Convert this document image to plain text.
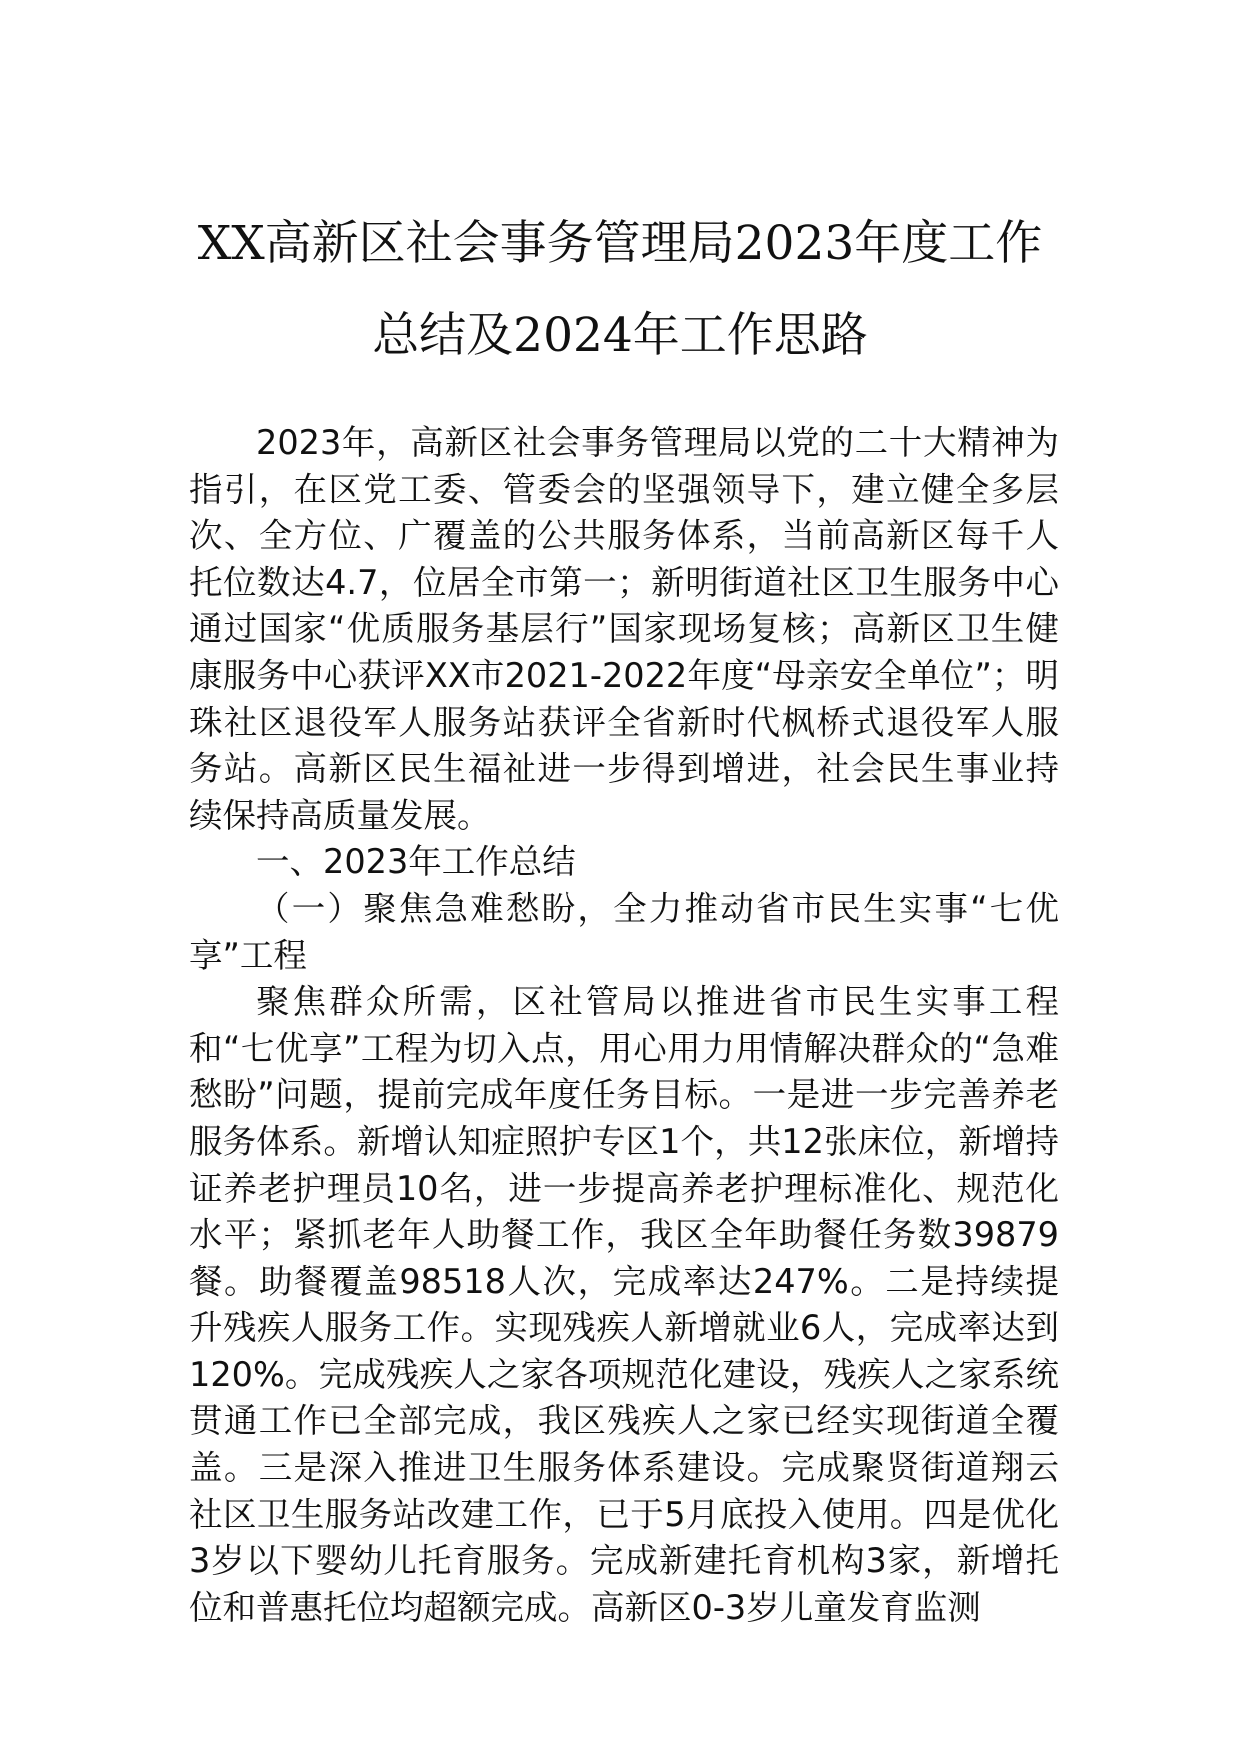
XX高新区社会事务管理局2023年度工作
总结及2024年工作思路

2023年，高新区社会事务管理局以党的二十大精神为指引，在区党工委、管委会的坚强领导下，建立健全多层次、全方位、广覆盖的公共服务体系，当前高新区每千人托位数达4.7，位居全市第一；新明街道社区卫生服务中心通过国家“优质服务基层行”国家现场复核；高新区卫生健康服务中心获评XX市2021-2022年度“母亲安全单位”；明珠社区退役军人服务站获评全省新时代枫桥式退役军人服务站。高新区民生福祉进一步得到增进，社会民生事业持续保持高质量发展。

一、2023年工作总结

（一）聚焦急难愁盼，全力推动省市民生实事“七优享”工程

聚焦群众所需，区社管局以推进省市民生实事工程和“七优享”工程为切入点，用心用力用情解决群众的“急难愁盼”问题，提前完成年度任务目标。一是进一步完善养老服务体系。新增认知症照护专区1个，共12张床位，新增持证养老护理员10名，进一步提高养老护理标准化、规范化水平；紧抓老年人助餐工作，我区全年助餐任务数39879餐。助餐覆盖98518人次，完成率达247%。二是持续提升残疾人服务工作。实现残疾人新增就业6人，完成率达到120%。完成残疾人之家各项规范化建设，残疾人之家系统贯通工作已全部完成，我区残疾人之家已经实现街道全覆盖。三是深入推进卫生服务体系建设。完成聚贤街道翔云社区卫生服务站改建工作，已于5月底投入使用。四是优化3岁以下婴幼儿托育服务。完成新建托育机构3家，新增托位和普惠托位均超额完成。高新区0-3岁儿童发育监测
